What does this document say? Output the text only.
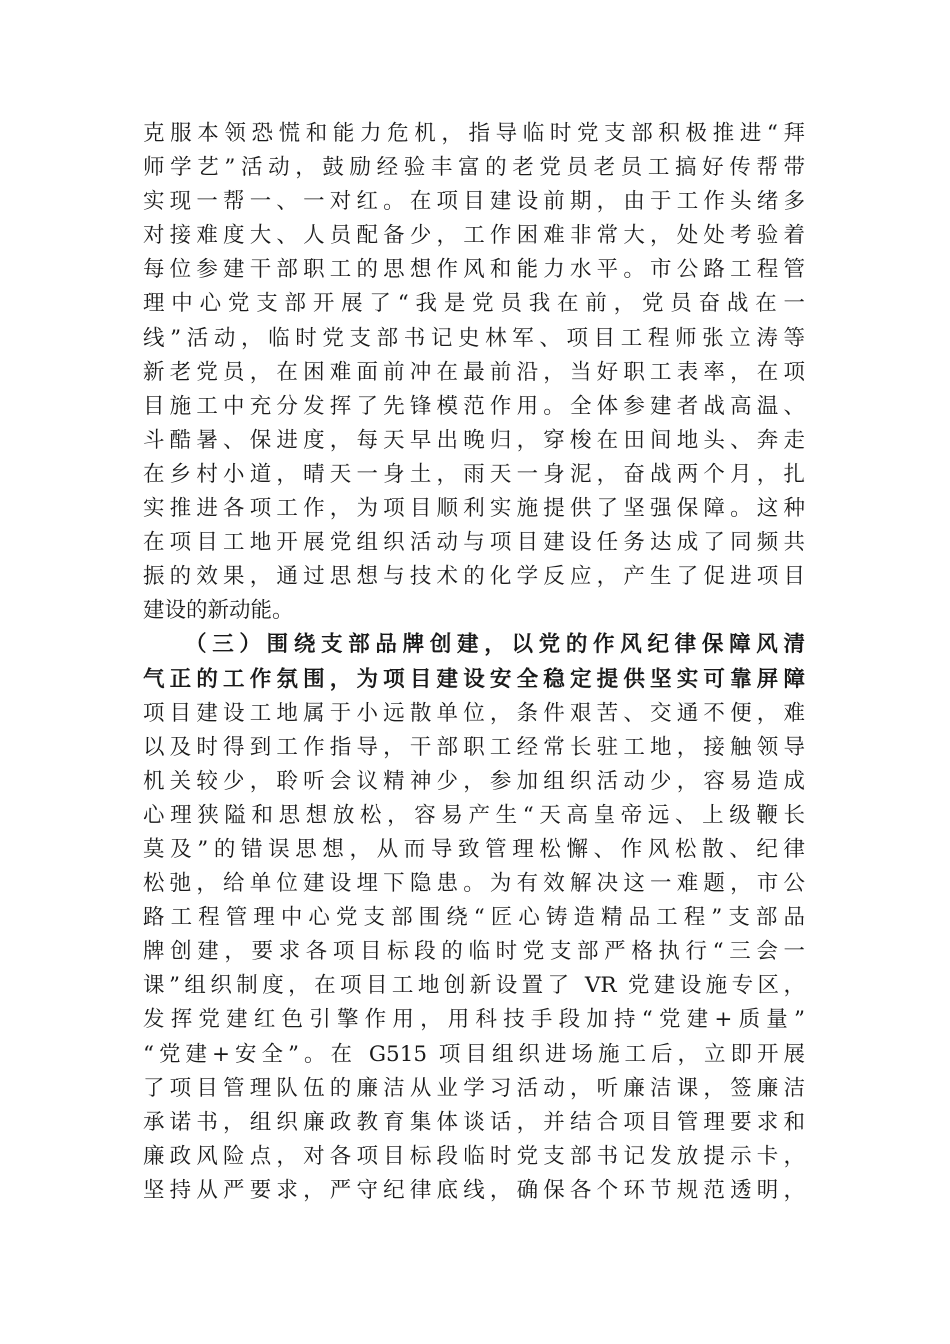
克服本领恐慌和能力危机，指导临时党支部积极推进“拜
师学艺”活动，鼓励经验丰富的老党员老员工搞好传帮带
实现一帮一、一对红。在项目建设前期，由于工作头绪多
对接难度大、人员配备少，工作困难非常大，处处考验着
每位参建干部职工的思想作风和能力水平。市公路工程管
理中心党支部开展了“我是党员我在前，党员奋战在一
线”活动，临时党支部书记史林军、项目工程师张立涛等
新老党员，在困难面前冲在最前沿，当好职工表率，在项
目施工中充分发挥了先锋模范作用。全体参建者战高温、
斗酷暑、保进度，每天早出晚归，穿梭在田间地头、奔走
在乡村小道，晴天一身土，雨天一身泥，奋战两个月，扎
实推进各项工作，为项目顺利实施提供了坚强保障。这种
在项目工地开展党组织活动与项目建设任务达成了同频共
振的效果，通过思想与技术的化学反应，产生了促进项目
建设的新动能。
（三）围绕支部品牌创建，以党的作风纪律保障风清
气正的工作氛围，为项目建设安全稳定提供坚实可靠屏障
项目建设工地属于小远散单位，条件艰苦、交通不便，难
以及时得到工作指导，干部职工经常长驻工地，接触领导
机关较少，聆听会议精神少，参加组织活动少，容易造成
心理狭隘和思想放松，容易产生“天高皇帝远、上级鞭长
莫及”的错误思想，从而导致管理松懈、作风松散、纪律
松弛，给单位建设埋下隐患。为有效解决这一难题，市公
路工程管理中心党支部围绕“匠心铸造精品工程”支部品
牌创建，要求各项目标段的临时党支部严格执行“三会一
课”组织制度，在项目工地创新设置了 VR 党建设施专区，
发挥党建红色引擎作用，用科技手段加持“党建+质量”
“党建+安全”。在 G515 项目组织进场施工后，立即开展
了项目管理队伍的廉洁从业学习活动，听廉洁课，签廉洁
承诺书，组织廉政教育集体谈话，并结合项目管理要求和
廉政风险点，对各项目标段临时党支部书记发放提示卡，
坚持从严要求，严守纪律底线，确保各个环节规范透明，
